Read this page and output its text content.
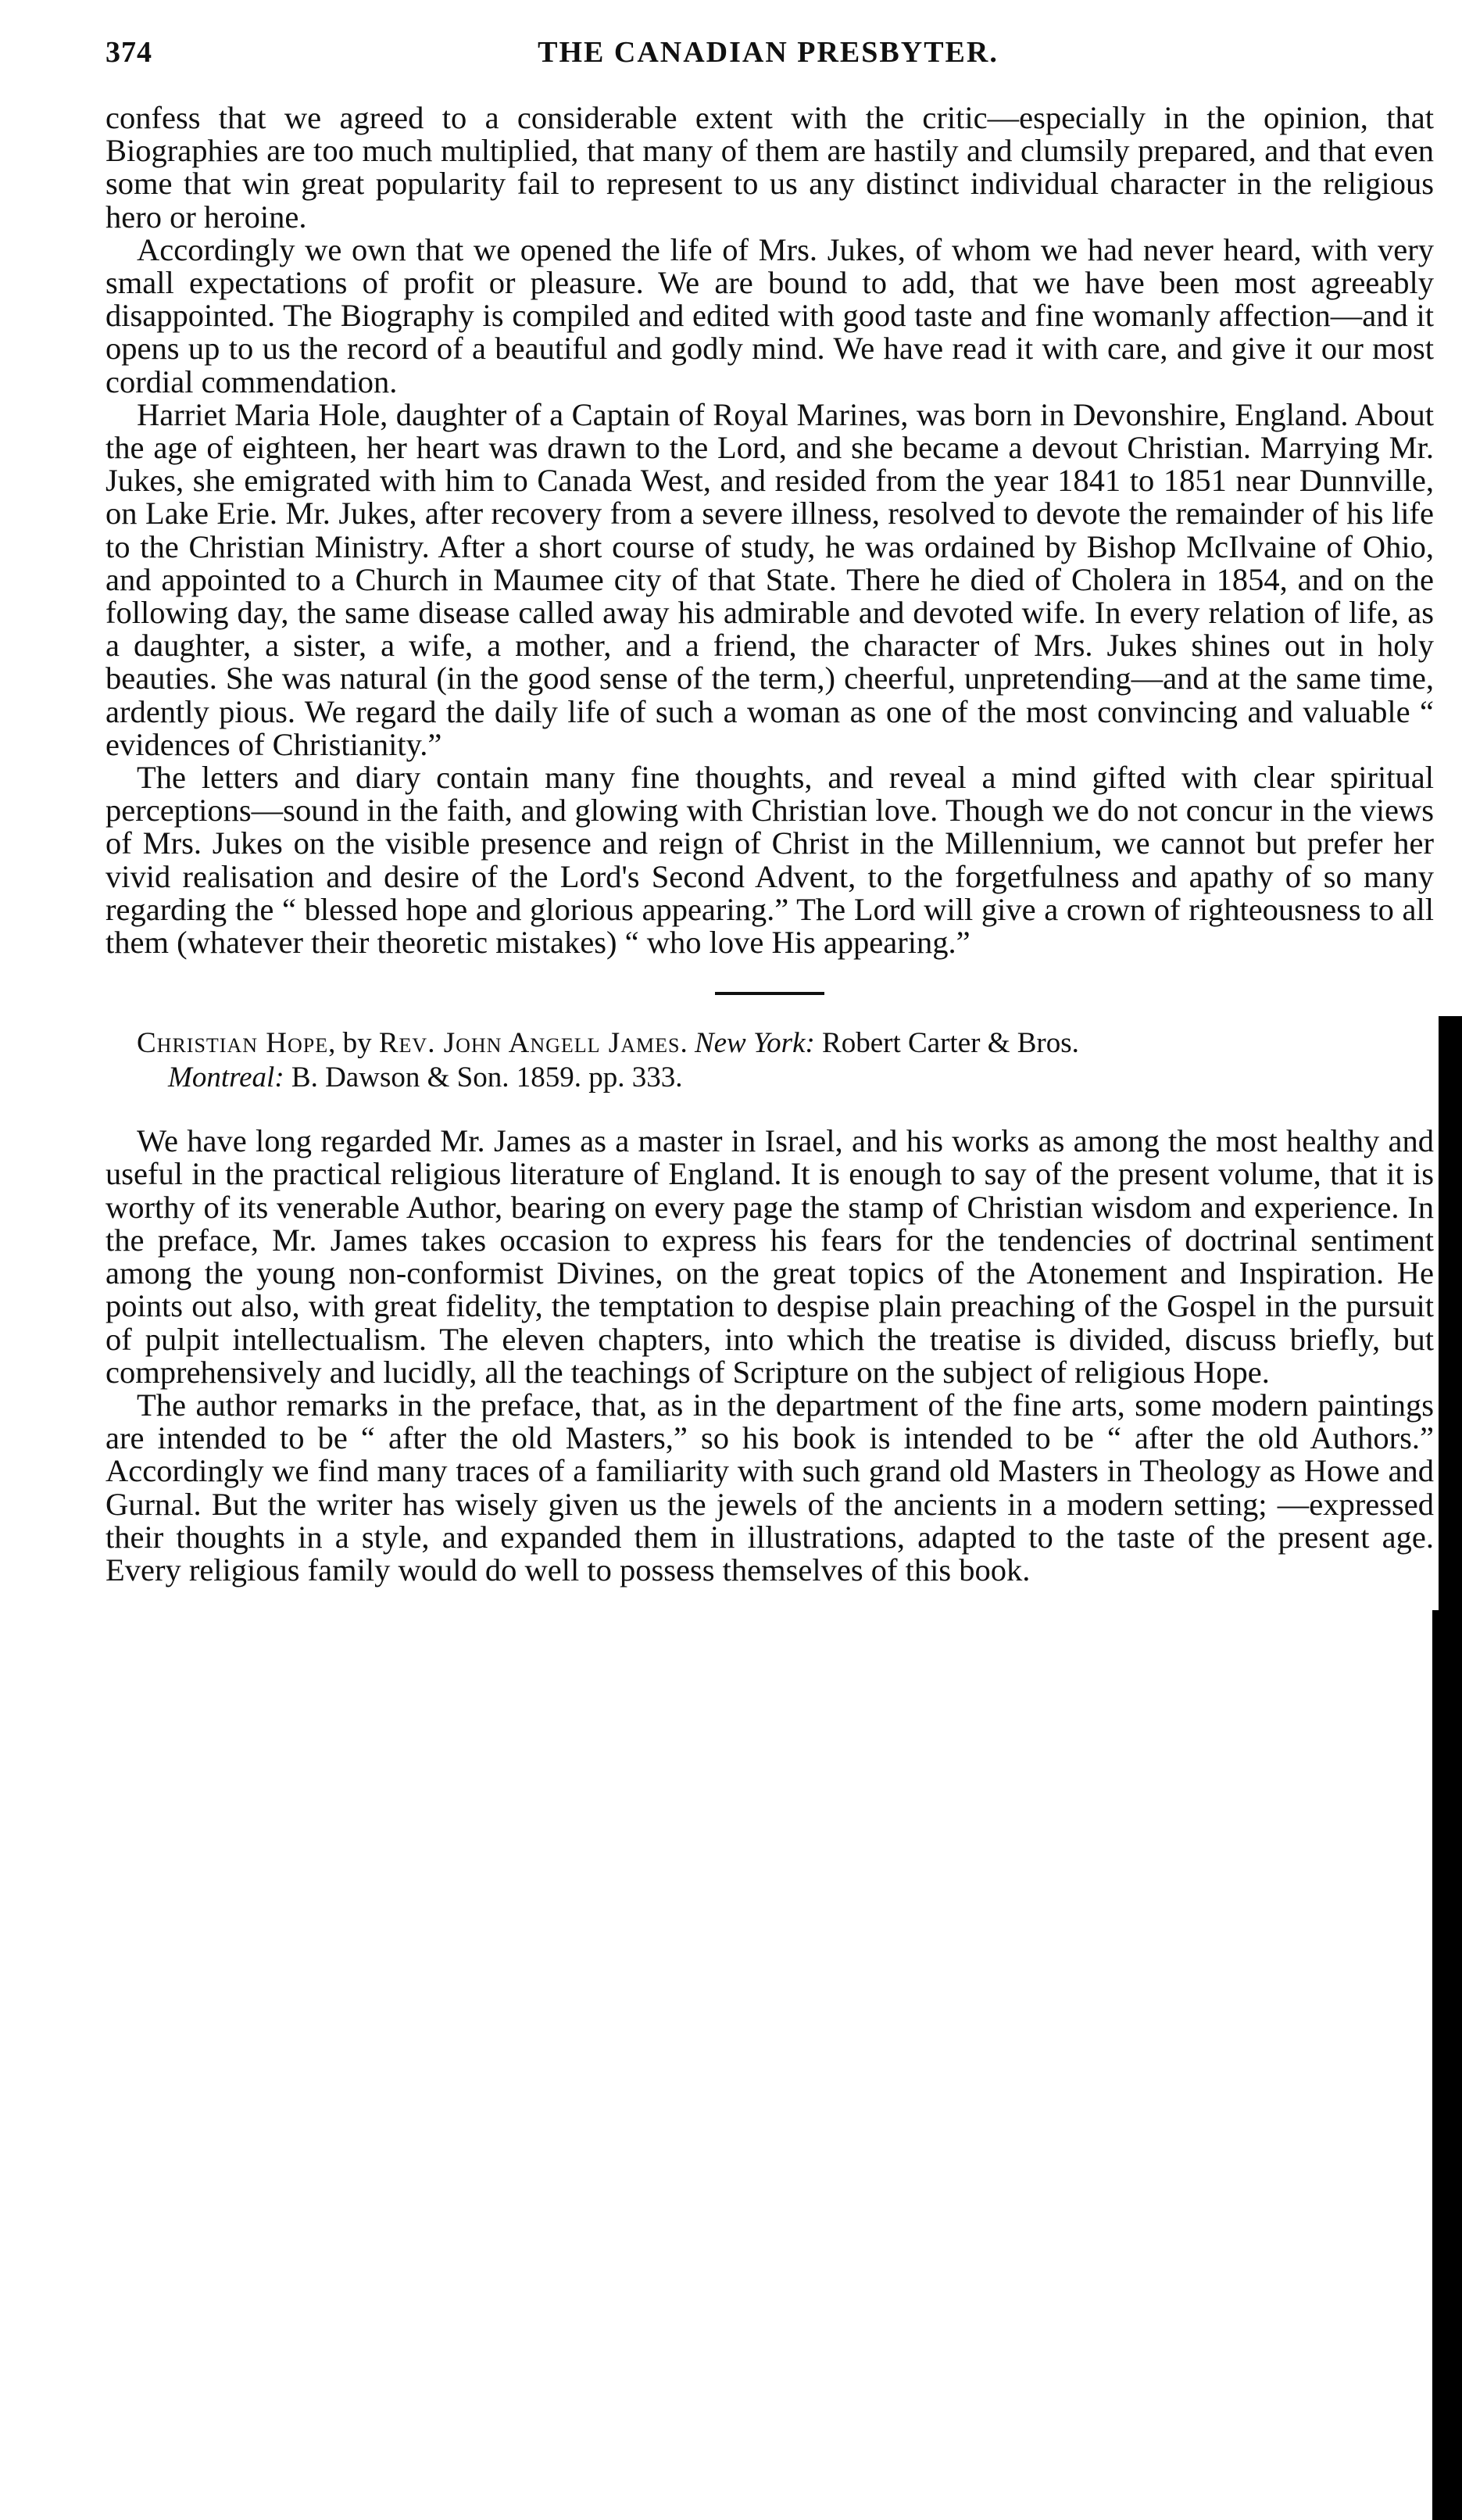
374	THE CANADIAN PRESBYTER.

confess that we agreed to a considerable extent with the critic—especially in the opinion, that Biographies are too much multiplied, that many of them are hastily and clumsily prepared, and that even some that win great popularity fail to represent to us any distinct individual character in the religious hero or heroine.

Accordingly we own that we opened the life of Mrs. Jukes, of whom we had never heard, with very small expectations of profit or pleasure. We are bound to add, that we have been most agreeably disappointed. The Biography is compiled and edited with good taste and fine womanly affection—and it opens up to us the record of a beautiful and godly mind. We have read it with care, and give it our most cordial commendation.

Harriet Maria Hole, daughter of a Captain of Royal Marines, was born in Devonshire, England. About the age of eighteen, her heart was drawn to the Lord, and she became a devout Christian. Marrying Mr. Jukes, she emigrated with him to Canada West, and resided from the year 1841 to 1851 near Dunnville, on Lake Erie. Mr. Jukes, after recovery from a severe illness, resolved to devote the remainder of his life to the Christian Ministry. After a short course of study, he was ordained by Bishop McIlvaine of Ohio, and appointed to a Church in Maumee city of that State. There he died of Cholera in 1854, and on the following day, the same disease called away his admirable and devoted wife. In every relation of life, as a daughter, a sister, a wife, a mother, and a friend, the character of Mrs. Jukes shines out in holy beauties. She was natural (in the good sense of the term,) cheerful, unpretending—and at the same time, ardently pious. We regard the daily life of such a woman as one of the most convincing and valuable “ evidences of Christianity.”

The letters and diary contain many fine thoughts, and reveal a mind gifted with clear spiritual perceptions—sound in the faith, and glowing with Christian love. Though we do not concur in the views of Mrs. Jukes on the visible presence and reign of Christ in the Millennium, we cannot but prefer her vivid realisation and desire of the Lord's Second Advent, to the forgetfulness and apathy of so many regarding the “ blessed hope and glorious appearing.” The Lord will give a crown of righteousness to all them (whatever their theoretic mistakes) “ who love His appearing.”

Christian Hope, by Rev. John Angell James. New York: Robert Carter & Bros.
Montreal: B. Dawson & Son. 1859. pp. 333.

We have long regarded Mr. James as a master in Israel, and his works as among the most healthy and useful in the practical religious literature of England. It is enough to say of the present volume, that it is worthy of its venerable Author, bearing on every page the stamp of Christian wisdom and experience. In the preface, Mr. James takes occasion to express his fears for the tendencies of doctrinal sentiment among the young non-conformist Divines, on the great topics of the Atonement and Inspiration. He points out also, with great fidelity, the temptation to despise plain preaching of the Gospel in the pursuit of pulpit intellectualism. The eleven chapters, into which the treatise is divided, discuss briefly, but comprehensively and lucidly, all the teachings of Scripture on the subject of religious Hope.

The author remarks in the preface, that, as in the department of the fine arts, some modern paintings are intended to be “ after the old Masters,” so his book is intended to be “ after the old Authors.” Accordingly we find many traces of a familiarity with such grand old Masters in Theology as Howe and Gurnal. But the writer has wisely given us the jewels of the ancients in a modern setting; —expressed their thoughts in a style, and expanded them in illustrations, adapted to the taste of the present age. Every religious family would do well to possess themselves of this book.
